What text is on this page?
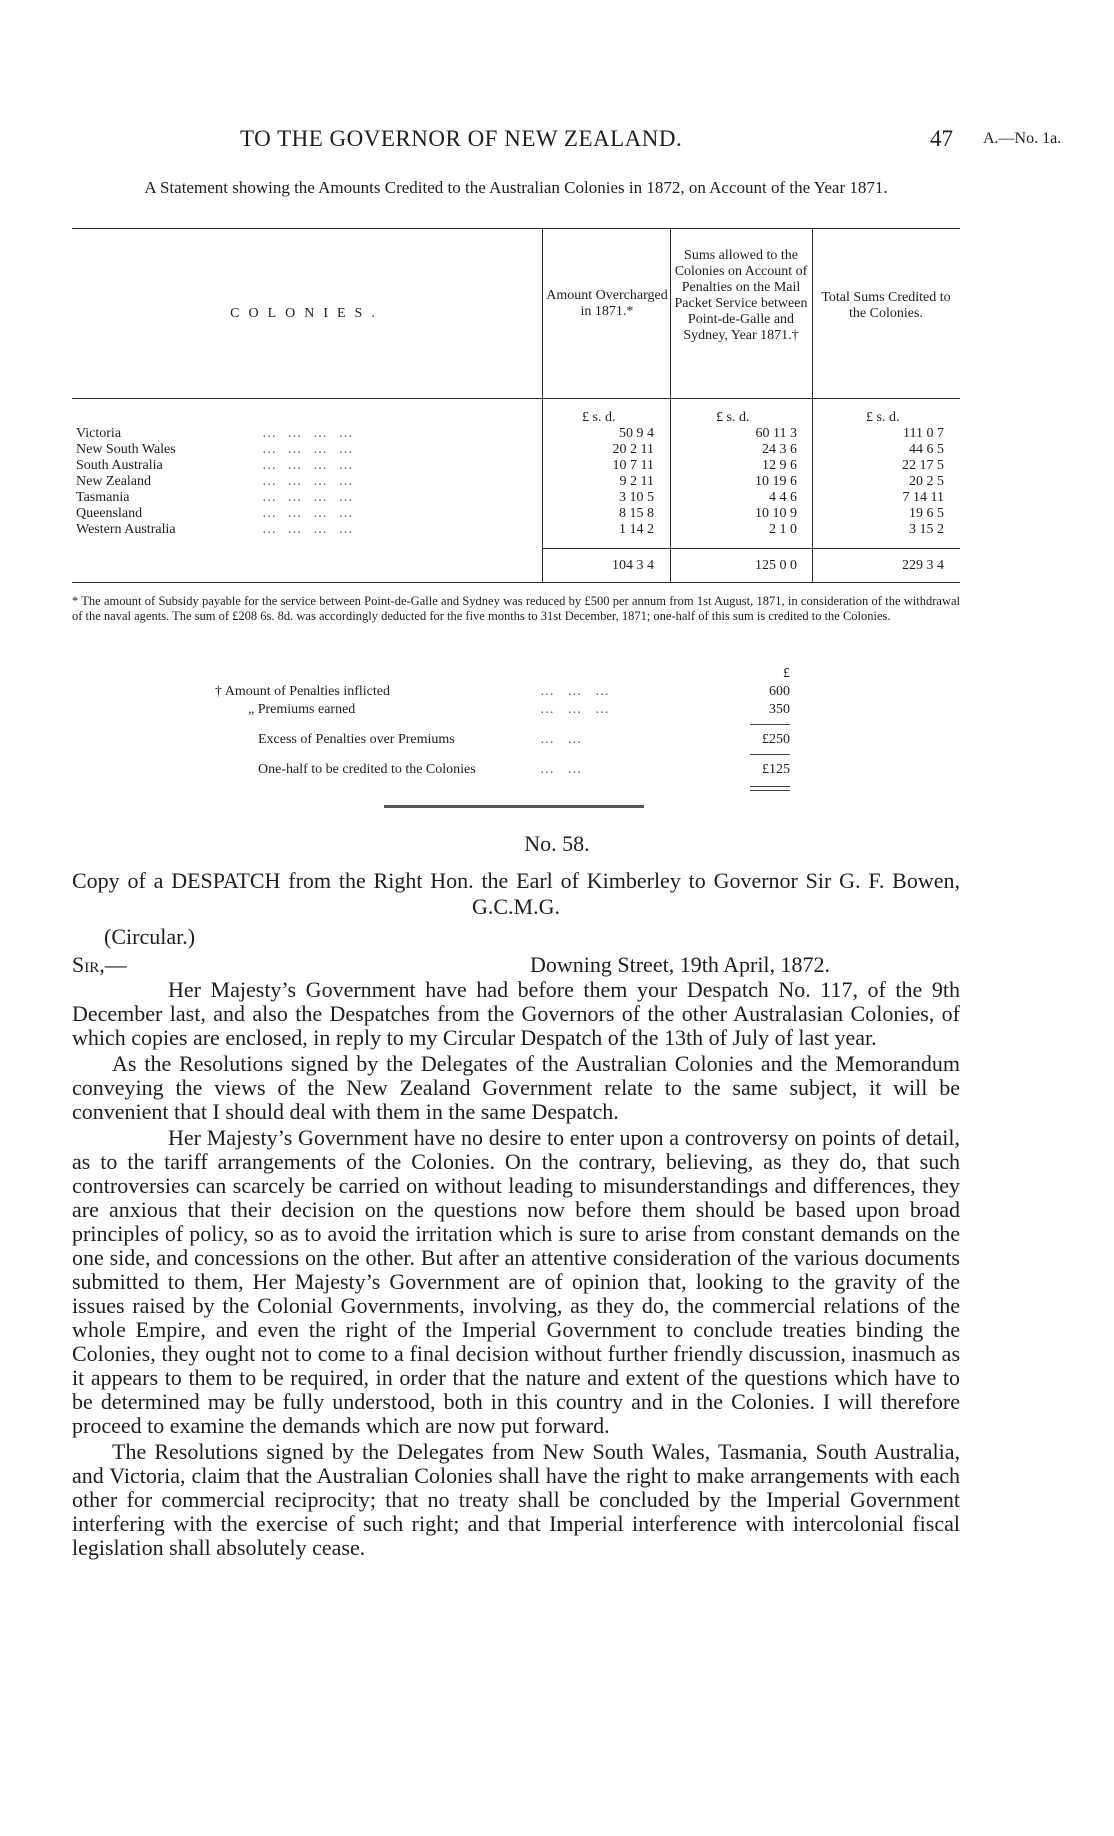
TO THE GOVERNOR OF NEW ZEALAND.	47 A.—No. 1a.
A Statement showing the Amounts Credited to the Australian Colonies in 1872, on Account of the Year 1871.
COLONIES.
Amount Overcharged in 1871.*
Sums allowed to the Colonies on Account of Penalties on the Mail Packet Service between Point-de-Galle and Sydney, Year 1871.†
Total Sums Credited to the Colonies.
£ s. d.	£ s. d.	£ s. d.
Victoria	… … … …	50 9 4	60 11 3	111 0 7
New South Wales	… … … …	20 2 11	24 3 6	44 6 5
South Australia	… … … …	10 7 11	12 9 6	22 17 5
New Zealand	… … … …	9 2 11	10 19 6	20 2 5
Tasmania	… … … …	3 10 5	4 4 6	7 14 11
Queensland	… … … …	8 15 8	10 10 9	19 6 5
Western Australia	… … … …	1 14 2	2 1 0	3 15 2
104 3 4	125 0 0	229 3 4
* The amount of Subsidy payable for the service between Point-de-Galle and Sydney was reduced by £500 per annum from 1st August, 1871, in consideration of the withdrawal of the naval agents. The sum of £208 6s. 8d. was accordingly deducted for the five months to 31st December, 1871; one-half of this sum is credited to the Colonies.
£
† Amount of Penalties inflicted	… … …	600
„ Premiums earned	… … …	350
Excess of Penalties over Premiums	… …	£250
One-half to be credited to the Colonies	… …	£125
No. 58.
Copy of a DESPATCH from the Right Hon. the Earl of Kimberley to Governor Sir G. F. Bowen, G.C.M.G.
(Circular.)
Sir,—	Downing Street, 19th April, 1872.

Her Majesty’s Government have had before them your Despatch No. 117, of the 9th December last, and also the Despatches from the Governors of the other Australasian Colonies, of which copies are enclosed, in reply to my Circular Despatch of the 13th of July of last year.

As the Resolutions signed by the Delegates of the Australian Colonies and the Memorandum conveying the views of the New Zealand Government relate to the same subject, it will be convenient that I should deal with them in the same Despatch.

Her Majesty’s Government have no desire to enter upon a controversy on points of detail, as to the tariff arrangements of the Colonies. On the contrary, believing, as they do, that such controversies can scarcely be carried on without leading to misunderstandings and differences, they are anxious that their decision on the questions now before them should be based upon broad principles of policy, so as to avoid the irritation which is sure to arise from constant demands on the one side, and concessions on the other. But after an attentive consideration of the various documents submitted to them, Her Majesty’s Government are of opinion that, looking to the gravity of the issues raised by the Colonial Governments, involving, as they do, the commercial relations of the whole Empire, and even the right of the Imperial Government to conclude treaties binding the Colonies, they ought not to come to a final decision without further friendly discussion, inasmuch as it appears to them to be required, in order that the nature and extent of the questions which have to be determined may be fully understood, both in this country and in the Colonies. I will therefore proceed to examine the demands which are now put forward.

The Resolutions signed by the Delegates from New South Wales, Tasmania, South Australia, and Victoria, claim that the Australian Colonies shall have the right to make arrangements with each other for commercial reciprocity; that no treaty shall be concluded by the Imperial Government interfering with the exercise of such right; and that Imperial interference with intercolonial fiscal legislation shall absolutely cease.
